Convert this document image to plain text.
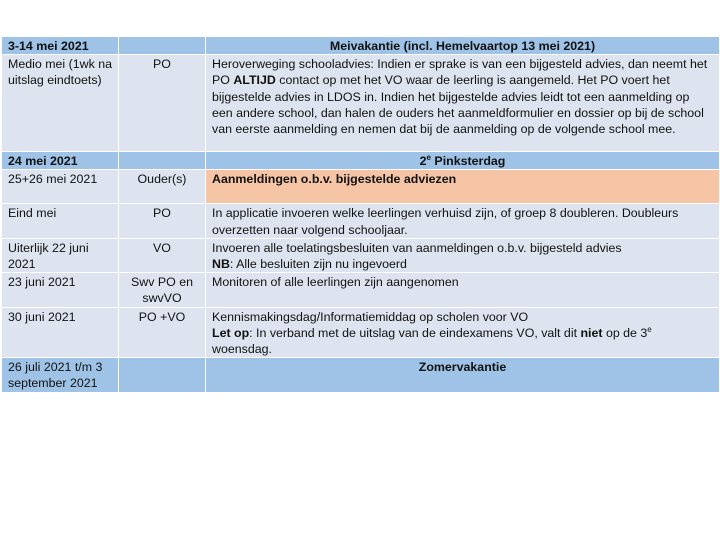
3-14 mei 2021		Meivakantie (incl. Hemelvaartop 13 mei 2021)
Medio mei (1wk na uitslag eindtoets)	PO	Heroverweging schooladvies: Indien er sprake is van een bijgesteld advies, dan neemt het PO ALTIJD contact op met het VO waar de leerling is aangemeld. Het PO voert het bijgestelde advies in LDOS in. Indien het bijgestelde advies leidt tot een aanmelding op een andere school, dan halen de ouders het aanmeldformulier en dossier op bij de school van eerste aanmelding en nemen dat bij de aanmelding op de volgende school mee.
24 mei 2021		2e Pinksterdag
25+26 mei 2021	Ouder(s)	Aanmeldingen o.b.v. bijgestelde adviezen
Eind mei	PO	In applicatie invoeren welke leerlingen verhuisd zijn, of groep 8 doubleren. Doubleurs overzetten naar volgend schooljaar.
Uiterlijk 22 juni 2021	VO	Invoeren alle toelatingsbesluiten van aanmeldingen o.b.v. bijgesteld advies
NB: Alle besluiten zijn nu ingevoerd
23 juni 2021	Swv PO en swvVO	Monitoren of alle leerlingen zijn aangenomen
30 juni 2021	PO +VO	Kennismakingsdag/Informatiemiddag op scholen voor VO
Let op: In verband met de uitslag van de eindexamens VO, valt dit niet op de 3e woensdag.
26 juli 2021 t/m 3 september 2021		Zomervakantie
